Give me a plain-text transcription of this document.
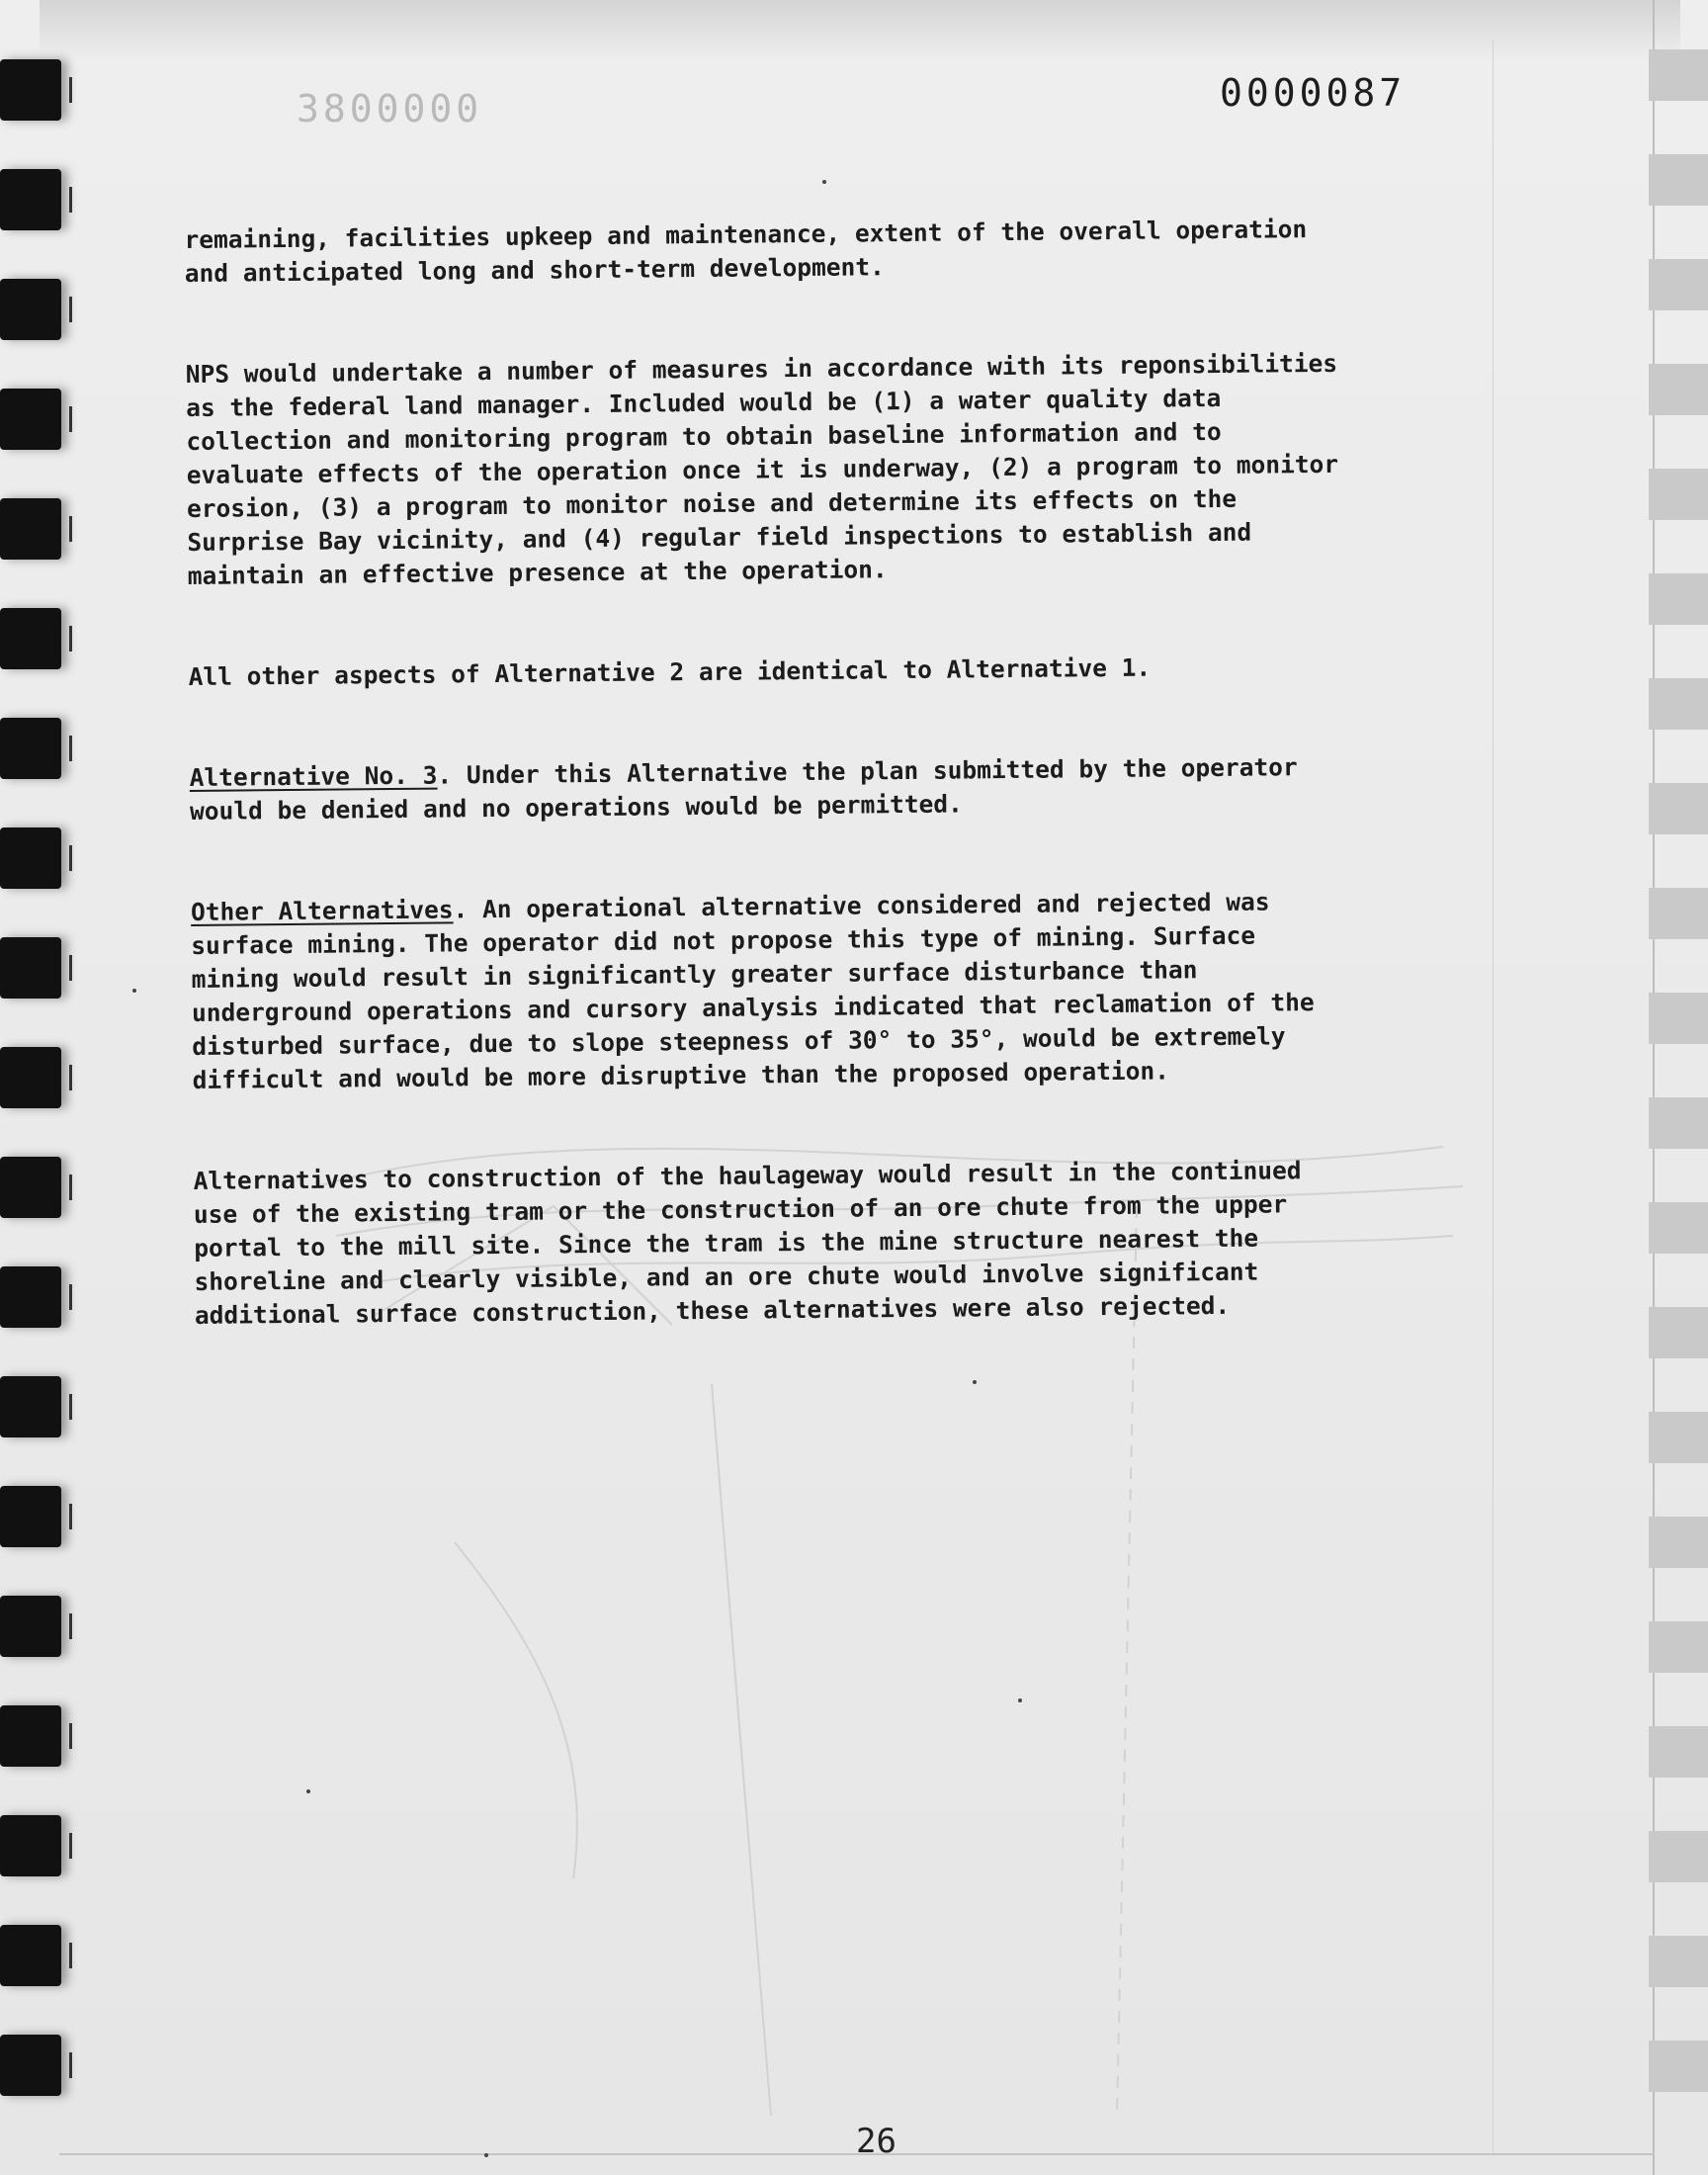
3800000	0000087

remaining, facilities upkeep and maintenance, extent of the overall operation
and anticipated long and short-term development.

NPS would undertake a number of measures in accordance with its reponsibilities
as the federal land manager. Included would be (1) a water quality data
collection and monitoring program to obtain baseline information and to
evaluate effects of the operation once it is underway, (2) a program to monitor
erosion, (3) a program to monitor noise and determine its effects on the
Surprise Bay vicinity, and (4) regular field inspections to establish and
maintain an effective presence at the operation.

All other aspects of Alternative 2 are identical to Alternative 1.

Alternative No. 3. Under this Alternative the plan submitted by the operator
would be denied and no operations would be permitted.

Other Alternatives. An operational alternative considered and rejected was
surface mining. The operator did not propose this type of mining. Surface
mining would result in significantly greater surface disturbance than
underground operations and cursory analysis indicated that reclamation of the
disturbed surface, due to slope steepness of 30° to 35°, would be extremely
difficult and would be more disruptive than the proposed operation.

Alternatives to construction of the haulageway would result in the continued
use of the existing tram or the construction of an ore chute from the upper
portal to the mill site. Since the tram is the mine structure nearest the
shoreline and clearly visible, and an ore chute would involve significant
additional surface construction, these alternatives were also rejected.

26
